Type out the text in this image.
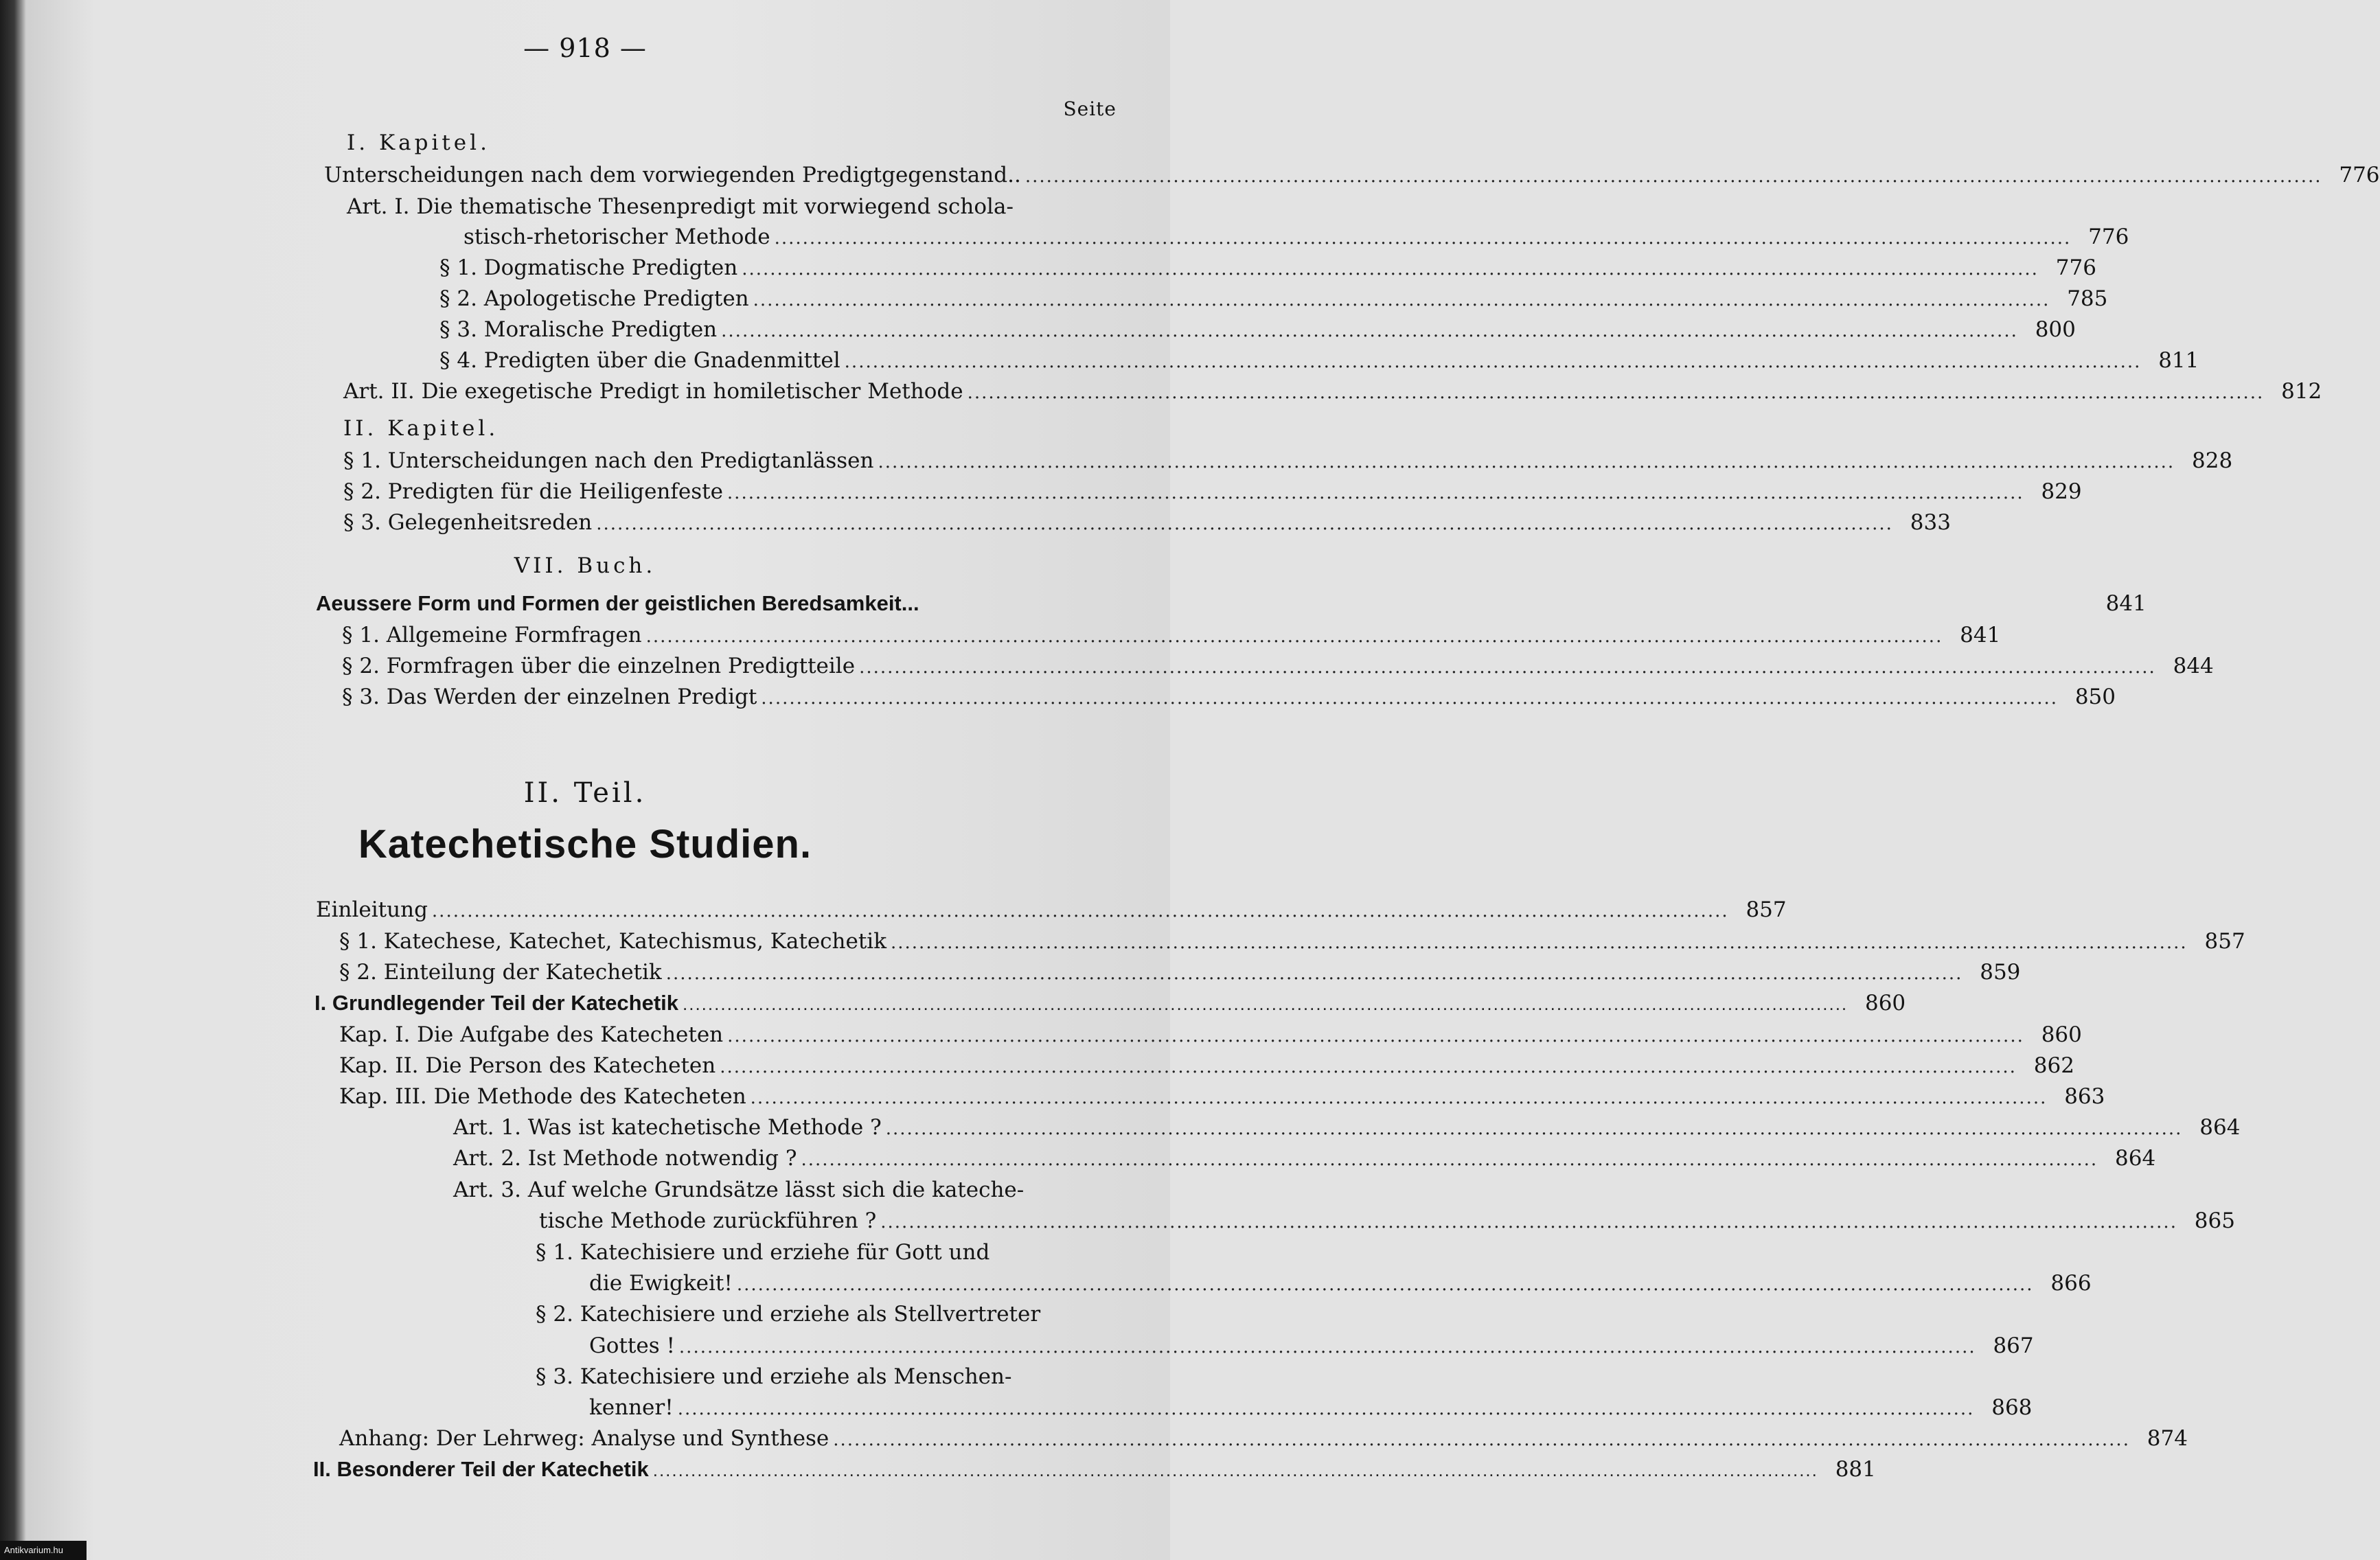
— 918 —
Seite
I. Kapitel.
Unterscheidungen nach dem vorwiegenden Predigtgegenstand.. ........................................................................................................................................................................................ 776
Art. I. Die thematische Thesenpredigt mit vorwiegend schola-
stisch-rhetorischer Methode ........................................................................................................................................................................................ 776
§ 1. Dogmatische Predigten ........................................................................................................................................................................................ 776
§ 2. Apologetische Predigten ........................................................................................................................................................................................ 785
§ 3. Moralische Predigten ........................................................................................................................................................................................ 800
§ 4. Predigten über die Gnadenmittel ........................................................................................................................................................................................ 811
Art. II. Die exegetische Predigt in homiletischer Methode ........................................................................................................................................................................................ 812
II. Kapitel.
§ 1. Unterscheidungen nach den Predigtanlässen ........................................................................................................................................................................................ 828
§ 2. Predigten für die Heiligenfeste ........................................................................................................................................................................................ 829
§ 3. Gelegenheitsreden ........................................................................................................................................................................................ 833
VII. Buch.
Aeussere Form und Formen der geistlichen Beredsamkeit...	841
§ 1. Allgemeine Formfragen ........................................................................................................................................................................................ 841
§ 2. Formfragen über die einzelnen Predigtteile ........................................................................................................................................................................................ 844
§ 3. Das Werden der einzelnen Predigt ........................................................................................................................................................................................ 850
II. Teil.
Katechetische Studien.
Einleitung ........................................................................................................................................................................................ 857
§ 1. Katechese, Katechet, Katechismus, Katechetik ........................................................................................................................................................................................ 857
§ 2. Einteilung der Katechetik ........................................................................................................................................................................................ 859
I. Grundlegender Teil der Katechetik ........................................................................................................................................................................................ 860
Kap. I. Die Aufgabe des Katecheten ........................................................................................................................................................................................ 860
Kap. II. Die Person des Katecheten ........................................................................................................................................................................................ 862
Kap. III. Die Methode des Katecheten ........................................................................................................................................................................................ 863
Art. 1. Was ist katechetische Methode ? ........................................................................................................................................................................................ 864
Art. 2. Ist Methode notwendig ? ........................................................................................................................................................................................ 864
Art. 3. Auf welche Grundsätze lässt sich die kateche-
tische Methode zurückführen ? ........................................................................................................................................................................................ 865
§ 1. Katechisiere und erziehe für Gott und
die Ewigkeit! ........................................................................................................................................................................................ 866
§ 2. Katechisiere und erziehe als Stellvertreter
Gottes ! ........................................................................................................................................................................................ 867
§ 3. Katechisiere und erziehe als Menschen-
kenner! ........................................................................................................................................................................................ 868
Anhang: Der Lehrweg: Analyse und Synthese ........................................................................................................................................................................................ 874
II. Besonderer Teil der Katechetik ........................................................................................................................................................................................ 881
Antikvarium.hu
